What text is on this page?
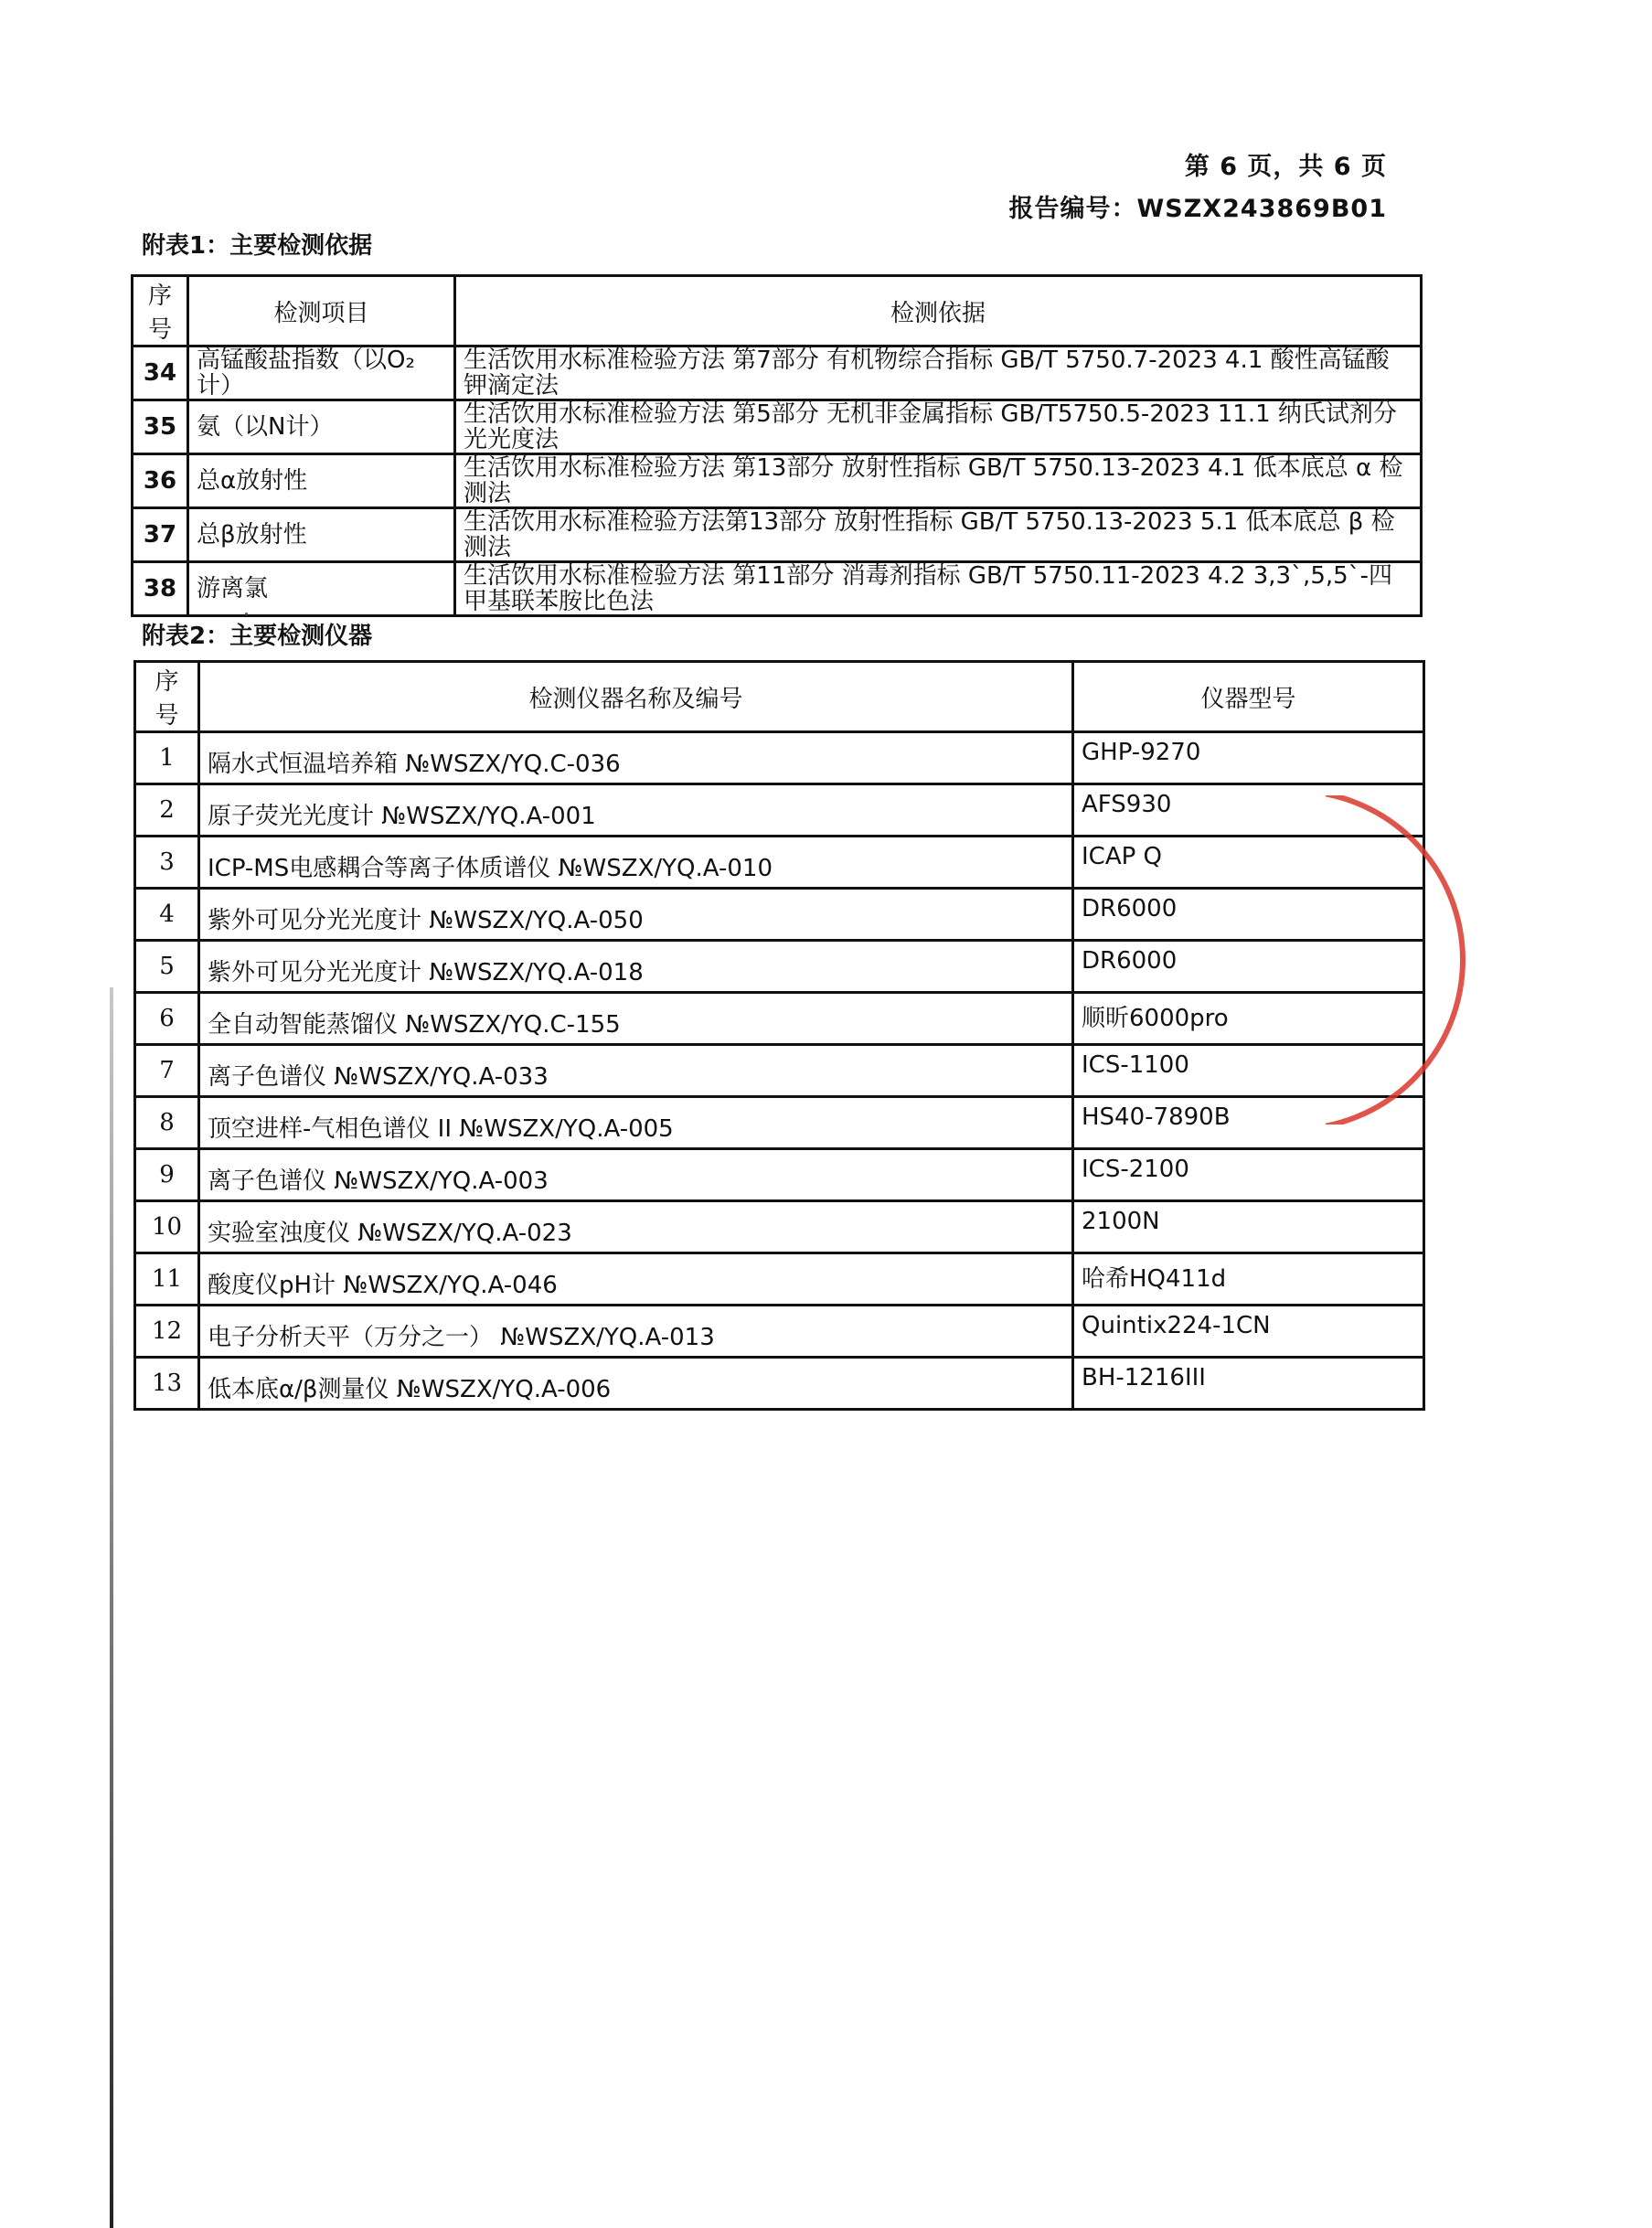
第 6 页，共 6 页
报告编号：WSZX243869B01
附表1：主要检测依据
序号	检测项目	检测依据
34	高锰酸盐指数（以O₂ 计）	生活饮用水标准检验方法 第7部分 有机物综合指标 GB/T 5750.7-2023 4.1 酸性高锰酸钾滴定法
35	氨（以N计）	生活饮用水标准检验方法 第5部分 无机非金属指标 GB/T5750.5-2023 11.1 纳氏试剂分光光度法
36	总α放射性	生活饮用水标准检验方法 第13部分 放射性指标 GB/T 5750.13-2023 4.1 低本底总 α 检测法
37	总β放射性	生活饮用水标准检验方法第13部分 放射性指标 GB/T 5750.13-2023 5.1 低本底总 β 检测法
38	游离氯	生活饮用水标准检验方法 第11部分 消毒剂指标 GB/T 5750.11-2023 4.2 3,3`,5,5`-四甲基联苯胺比色法
附表2：主要检测仪器
序号	检测仪器名称及编号	仪器型号
1	隔水式恒温培养箱 №WSZX/YQ.C-036	GHP-9270
2	原子荧光光度计 №WSZX/YQ.A-001	AFS930
3	ICP-MS电感耦合等离子体质谱仪 №WSZX/YQ.A-010	ICAP Q
4	紫外可见分光光度计 №WSZX/YQ.A-050	DR6000
5	紫外可见分光光度计 №WSZX/YQ.A-018	DR6000
6	全自动智能蒸馏仪 №WSZX/YQ.C-155	顺昕6000pro
7	离子色谱仪 №WSZX/YQ.A-033	ICS-1100
8	顶空进样-气相色谱仪 II №WSZX/YQ.A-005	HS40-7890B
9	离子色谱仪 №WSZX/YQ.A-003	ICS-2100
10	实验室浊度仪 №WSZX/YQ.A-023	2100N
11	酸度仪pH计 №WSZX/YQ.A-046	哈希HQ411d
12	电子分析天平（万分之一） №WSZX/YQ.A-013	Quintix224-1CN
13	低本底α/β测量仪 №WSZX/YQ.A-006	BH-1216III
